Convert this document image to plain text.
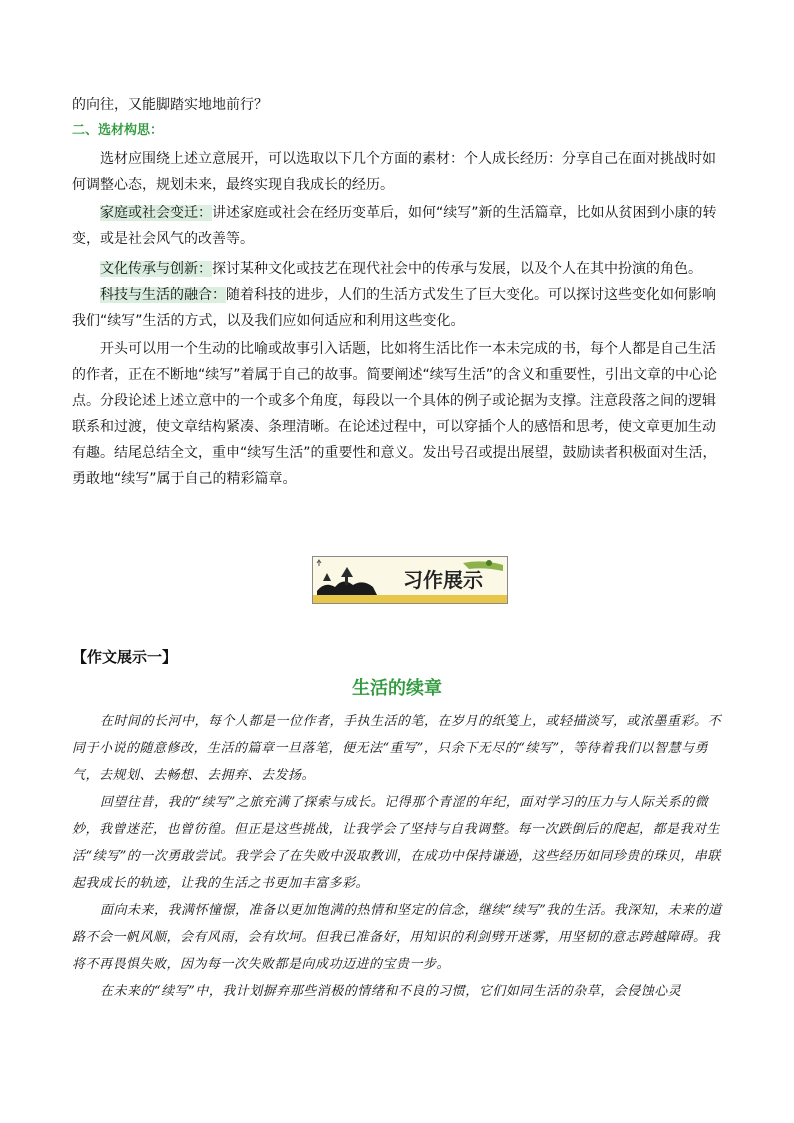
的向往，又能脚踏实地地前行？

二、选材构思：

选材应围绕上述立意展开，可以选取以下几个方面的素材：个人成长经历：分享自己在面对挑战时如何调整心态，规划未来，最终实现自我成长的经历。

家庭或社会变迁：讲述家庭或社会在经历变革后，如何“续写”新的生活篇章，比如从贫困到小康的转变，或是社会风气的改善等。

文化传承与创新：探讨某种文化或技艺在现代社会中的传承与发展，以及个人在其中扮演的角色。

科技与生活的融合：随着科技的进步，人们的生活方式发生了巨大变化。可以探讨这些变化如何影响我们“续写”生活的方式，以及我们应如何适应和利用这些变化。

开头可以用一个生动的比喻或故事引入话题，比如将生活比作一本未完成的书，每个人都是自己生活的作者，正在不断地“续写”着属于自己的故事。简要阐述“续写生活”的含义和重要性，引出文章的中心论点。分段论述上述立意中的一个或多个角度，每段以一个具体的例子或论据为支撑。注意段落之间的逻辑联系和过渡，使文章结构紧凑、条理清晰。在论述过程中，可以穿插个人的感悟和思考，使文章更加生动有趣。结尾总结全文，重申“续写生活”的重要性和意义。发出号召或提出展望，鼓励读者积极面对生活，勇敢地“续写”属于自己的精彩篇章。

习作展示
【作文展示一】
生活的续章

在时间的长河中，每个人都是一位作者，手执生活的笔，在岁月的纸笺上，或轻描淡写，或浓墨重彩。不同于小说的随意修改，生活的篇章一旦落笔，便无法“重写”，只余下无尽的“续写”，等待着我们以智慧与勇气，去规划、去畅想、去拥弃、去发扬。

回望往昔，我的“续写”之旅充满了探索与成长。记得那个青涩的年纪，面对学习的压力与人际关系的微妙，我曾迷茫，也曾彷徨。但正是这些挑战，让我学会了坚持与自我调整。每一次跌倒后的爬起，都是我对生活“续写”的一次勇敢尝试。我学会了在失败中汲取教训，在成功中保持谦逊，这些经历如同珍贵的珠贝，串联起我成长的轨迹，让我的生活之书更加丰富多彩。

面向未来，我满怀憧憬，准备以更加饱满的热情和坚定的信念，继续“续写”我的生活。我深知，未来的道路不会一帆风顺，会有风雨，会有坎坷。但我已准备好，用知识的利剑劈开迷雾，用坚韧的意志跨越障碍。我将不再畏惧失败，因为每一次失败都是向成功迈进的宝贵一步。

在未来的“续写”中，我计划摒弃那些消极的情绪和不良的习惯，它们如同生活的杂草，会侵蚀心灵
